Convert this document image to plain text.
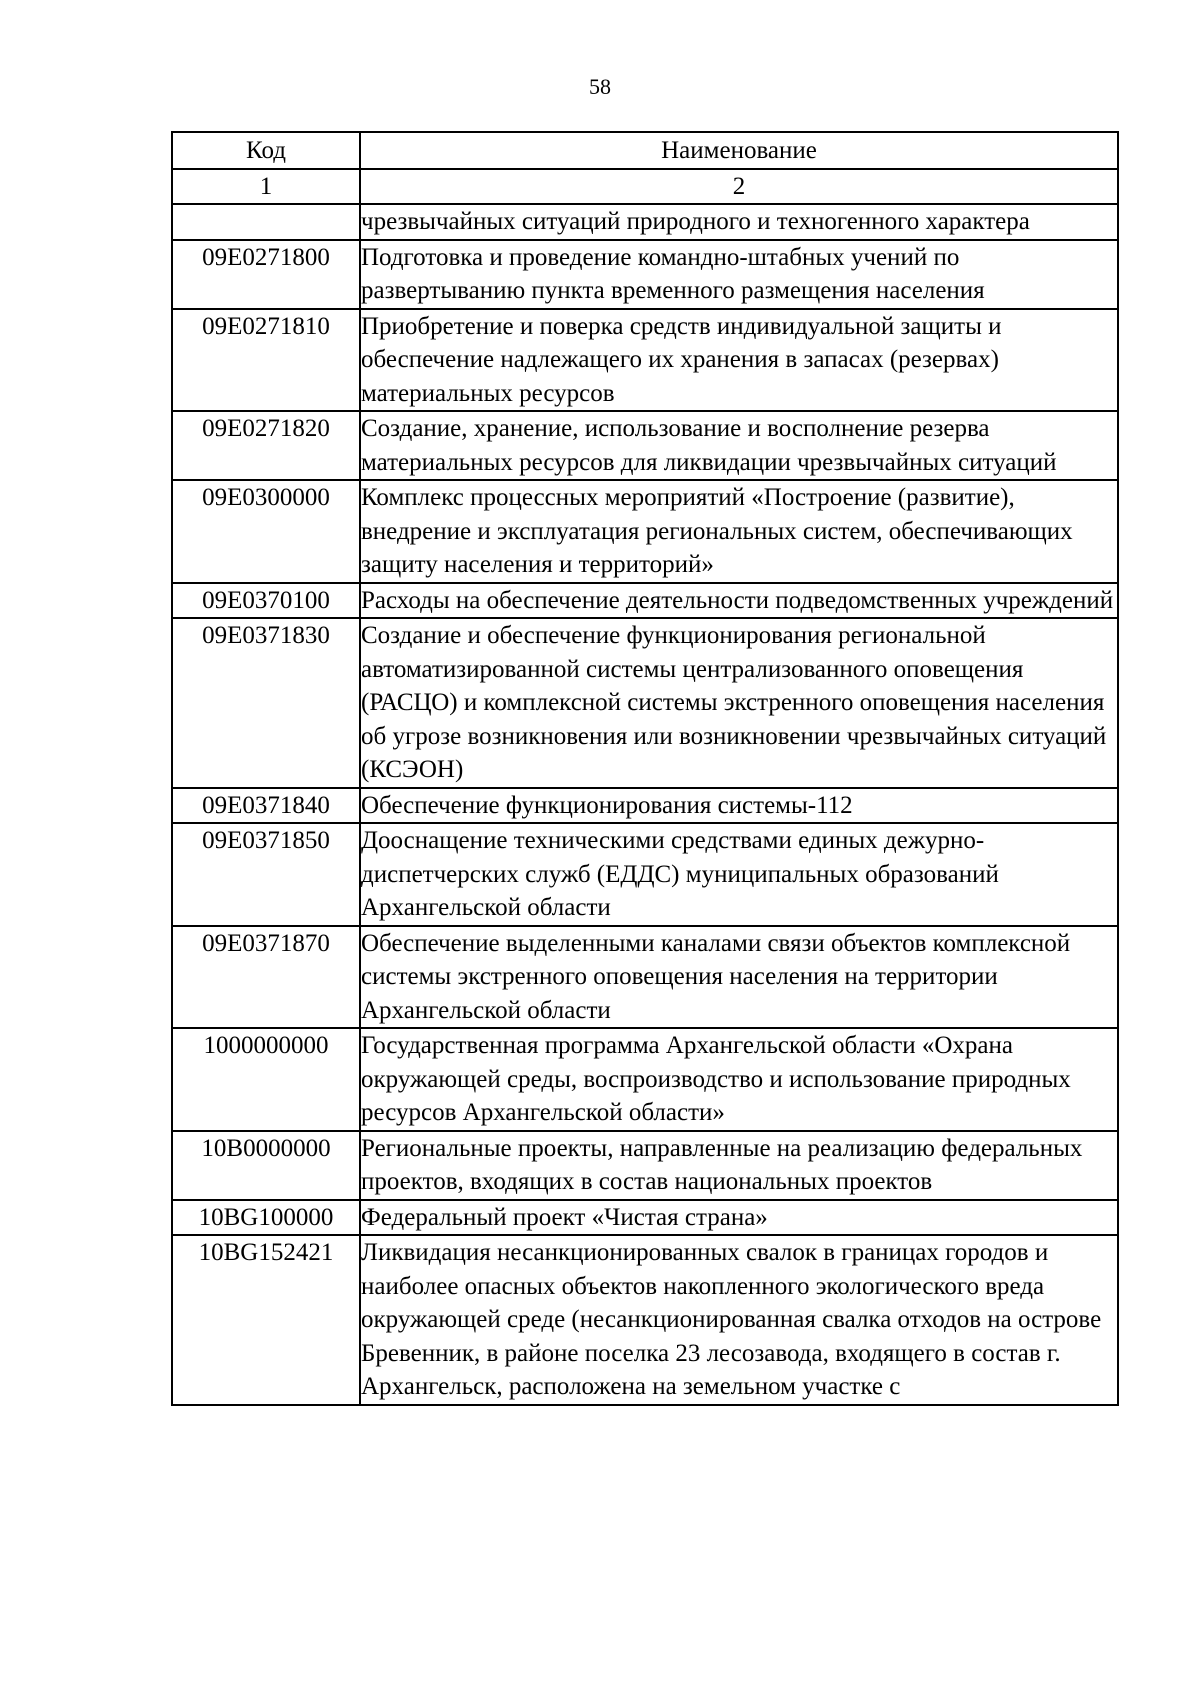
58
Код	Наименование
1	2
	чрезвычайных ситуаций природного и техногенного характера
09Е0271800	Подготовка и проведение командно-штабных учений по развертыванию пункта временного размещения населения
09Е0271810	Приобретение и поверка средств индивидуальной защиты и обеспечение надлежащего их хранения в запасах (резервах) материальных ресурсов
09Е0271820	Создание, хранение, использование и восполнение резерва материальных ресурсов для ликвидации чрезвычайных ситуаций
09Е0300000	Комплекс процессных мероприятий «Построение (развитие), внедрение и эксплуатация региональных систем, обеспечивающих защиту населения и территорий»
09Е0370100	Расходы на обеспечение деятельности подведомственных учреждений
09Е0371830	Создание и обеспечение функционирования региональной автоматизированной системы централизованного оповещения (РАСЦО) и комплексной системы экстренного оповещения населения об угрозе возникновения или возникновении чрезвычайных ситуаций (КСЭОН)
09Е0371840	Обеспечение функционирования системы-112
09Е0371850	Дооснащение техническими средствами единых дежурно-диспетчерских служб (ЕДДС) муниципальных образований Архангельской области
09Е0371870	Обеспечение выделенными каналами связи объектов комплексной системы экстренного оповещения населения на территории Архангельской области
1000000000	Государственная программа Архангельской области «Охрана окружающей среды, воспроизводство и использование природных ресурсов Архангельской области»
10В0000000	Региональные проекты, направленные на реализацию федеральных проектов, входящих в состав национальных проектов
10ВG100000	Федеральный проект «Чистая страна»
10ВG152421	Ликвидация несанкционированных свалок в границах городов и наиболее опасных объектов накопленного экологического вреда окружающей среде (несанкционированная свалка отходов на острове Бревенник, в районе поселка 23 лесозавода, входящего в состав г. Архангельск, расположена на земельном участке с
